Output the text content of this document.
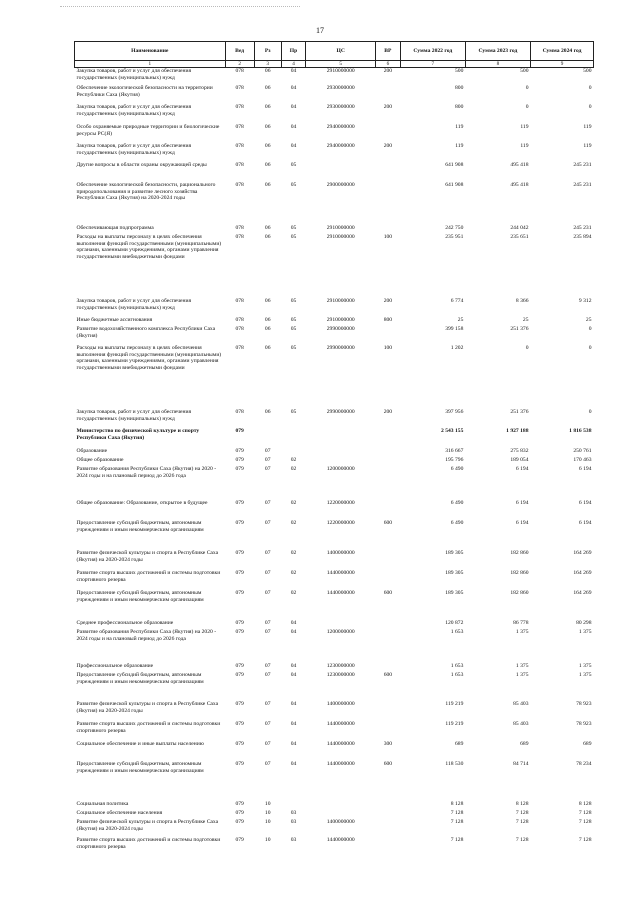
17
Наименование	Вед	Рз	Пр	ЦС	ВР	Сумма 2022 год	Сумма 2023 год	Сумма 2024 год
1	2	3	4	5	6	7	8	9
Закупка товаров, работ и услуг для обеспечения государственных (муниципальных) нужд	078	06	04	2910000000	200	500	500	500
Обеспечение экологической безопасности на территории Республики Саха (Якутия)	078	06	04	2930000000		800	0	0
Закупка товаров, работ и услуг для обеспечения государственных (муниципальных) нужд	078	06	04	2930000000	200	800	0	0
Особо охраняемые природные территории и биологические ресурсы РС(Я)	078	06	04	2940000000		119	119	119
Закупка товаров, работ и услуг для обеспечения государственных (муниципальных) нужд	078	06	04	2940000000	200	119	119	119
Другие вопросы в области охраны окружающей среды	078	06	05			641 908	495 418	245 231
Обеспечение экологической безопасности, рационального природопользования и развитие лесного хозяйства Республики Саха (Якутия) на 2020-2024 годы	078	06	05	2900000000		641 908	495 418	245 231
Обеспечивающая подпрограмма	078	06	05	2910000000		242 750	244 042	245 231
Расходы на выплаты персоналу в целях обеспечения выполнения функций государственными (муниципальными) органами, казенными учреждениями, органами управления государственными внебюджетными фондами	078	06	05	2910000000	100	235 951	235 651	235 894
Закупка товаров, работ и услуг для обеспечения государственных (муниципальных) нужд	078	06	05	2910000000	200	6 774	8 366	9 312
Иные бюджетные ассигнования	078	06	05	2910000000	800	25	25	25
Развитие водохозяйственного комплекса Республики Саха (Якутия)	078	06	05	2990000000		399 158	251 376	0
Расходы на выплаты персоналу в целях обеспечения выполнения функций государственными (муниципальными) органами, казенными учреждениями, органами управления государственными внебюджетными фондами	078	06	05	2990000000	100	1 202	0	0
Закупка товаров, работ и услуг для обеспечения государственных (муниципальных) нужд	078	06	05	2990000000	200	397 956	251 376	0
Министерство по физической культуре и спорту Республики Саха (Якутия)	079					2 543 155	1 927 188	1 816 538
Образование	079	07				316 667	275 832	250 761
Общее образование	079	07	02			195 796	189 054	170 463
Развитие образования Республики Саха (Якутия) на 2020 - 2024 годы и на плановый период до 2026 года	079	07	02	1200000000		6 490	6 194	6 194
Общее образование: Образование, открытое в будущее	079	07	02	1220000000		6 490	6 194	6 194
Предоставление субсидий бюджетным, автономным учреждениям и иным некоммерческим организациям	079	07	02	1220000000	600	6 490	6 194	6 194
Развитие физической культуры и спорта в Республике Саха (Якутия) на 2020-2024 годы	079	07	02	1400000000		189 305	182 860	164 269
Развитие спорта высших достижений и системы подготовки спортивного резерва	079	07	02	1440000000		189 305	182 860	164 269
Предоставление субсидий бюджетным, автономным учреждениям и иным некоммерческим организациям	079	07	02	1440000000	600	189 305	182 860	164 269
Среднее профессиональное образование	079	07	04			120 872	86 778	80 298
Развитие образования Республики Саха (Якутия) на 2020 - 2024 годы и на плановый период до 2026 года	079	07	04	1200000000		1 653	1 375	1 375
Профессиональное образование	079	07	04	1230000000		1 653	1 375	1 375
Предоставление субсидий бюджетным, автономным учреждениям и иным некоммерческим организациям	079	07	04	1230000000	600	1 653	1 375	1 375
Развитие физической культуры и спорта в Республике Саха (Якутия) на 2020-2024 годы	079	07	04	1400000000		119 219	85 403	78 923
Развитие спорта высших достижений и системы подготовки спортивного резерва	079	07	04	1440000000		119 219	85 403	78 923
Социальное обеспечение и иные выплаты населению	079	07	04	1440000000	300	689	689	689
Предоставление субсидий бюджетным, автономным учреждениям и иным некоммерческим организациям	079	07	04	1440000000	600	118 530	84 714	78 234
Социальная политика	079	10				8 128	8 128	8 128
Социальное обеспечение населения	079	10	03			7 128	7 128	7 128
Развитие физической культуры и спорта в Республике Саха (Якутия) на 2020-2024 годы	079	10	03	1400000000		7 128	7 128	7 128
Развитие спорта высших достижений и системы подготовки спортивного резерва	079	10	03	1440000000		7 128	7 128	7 128
